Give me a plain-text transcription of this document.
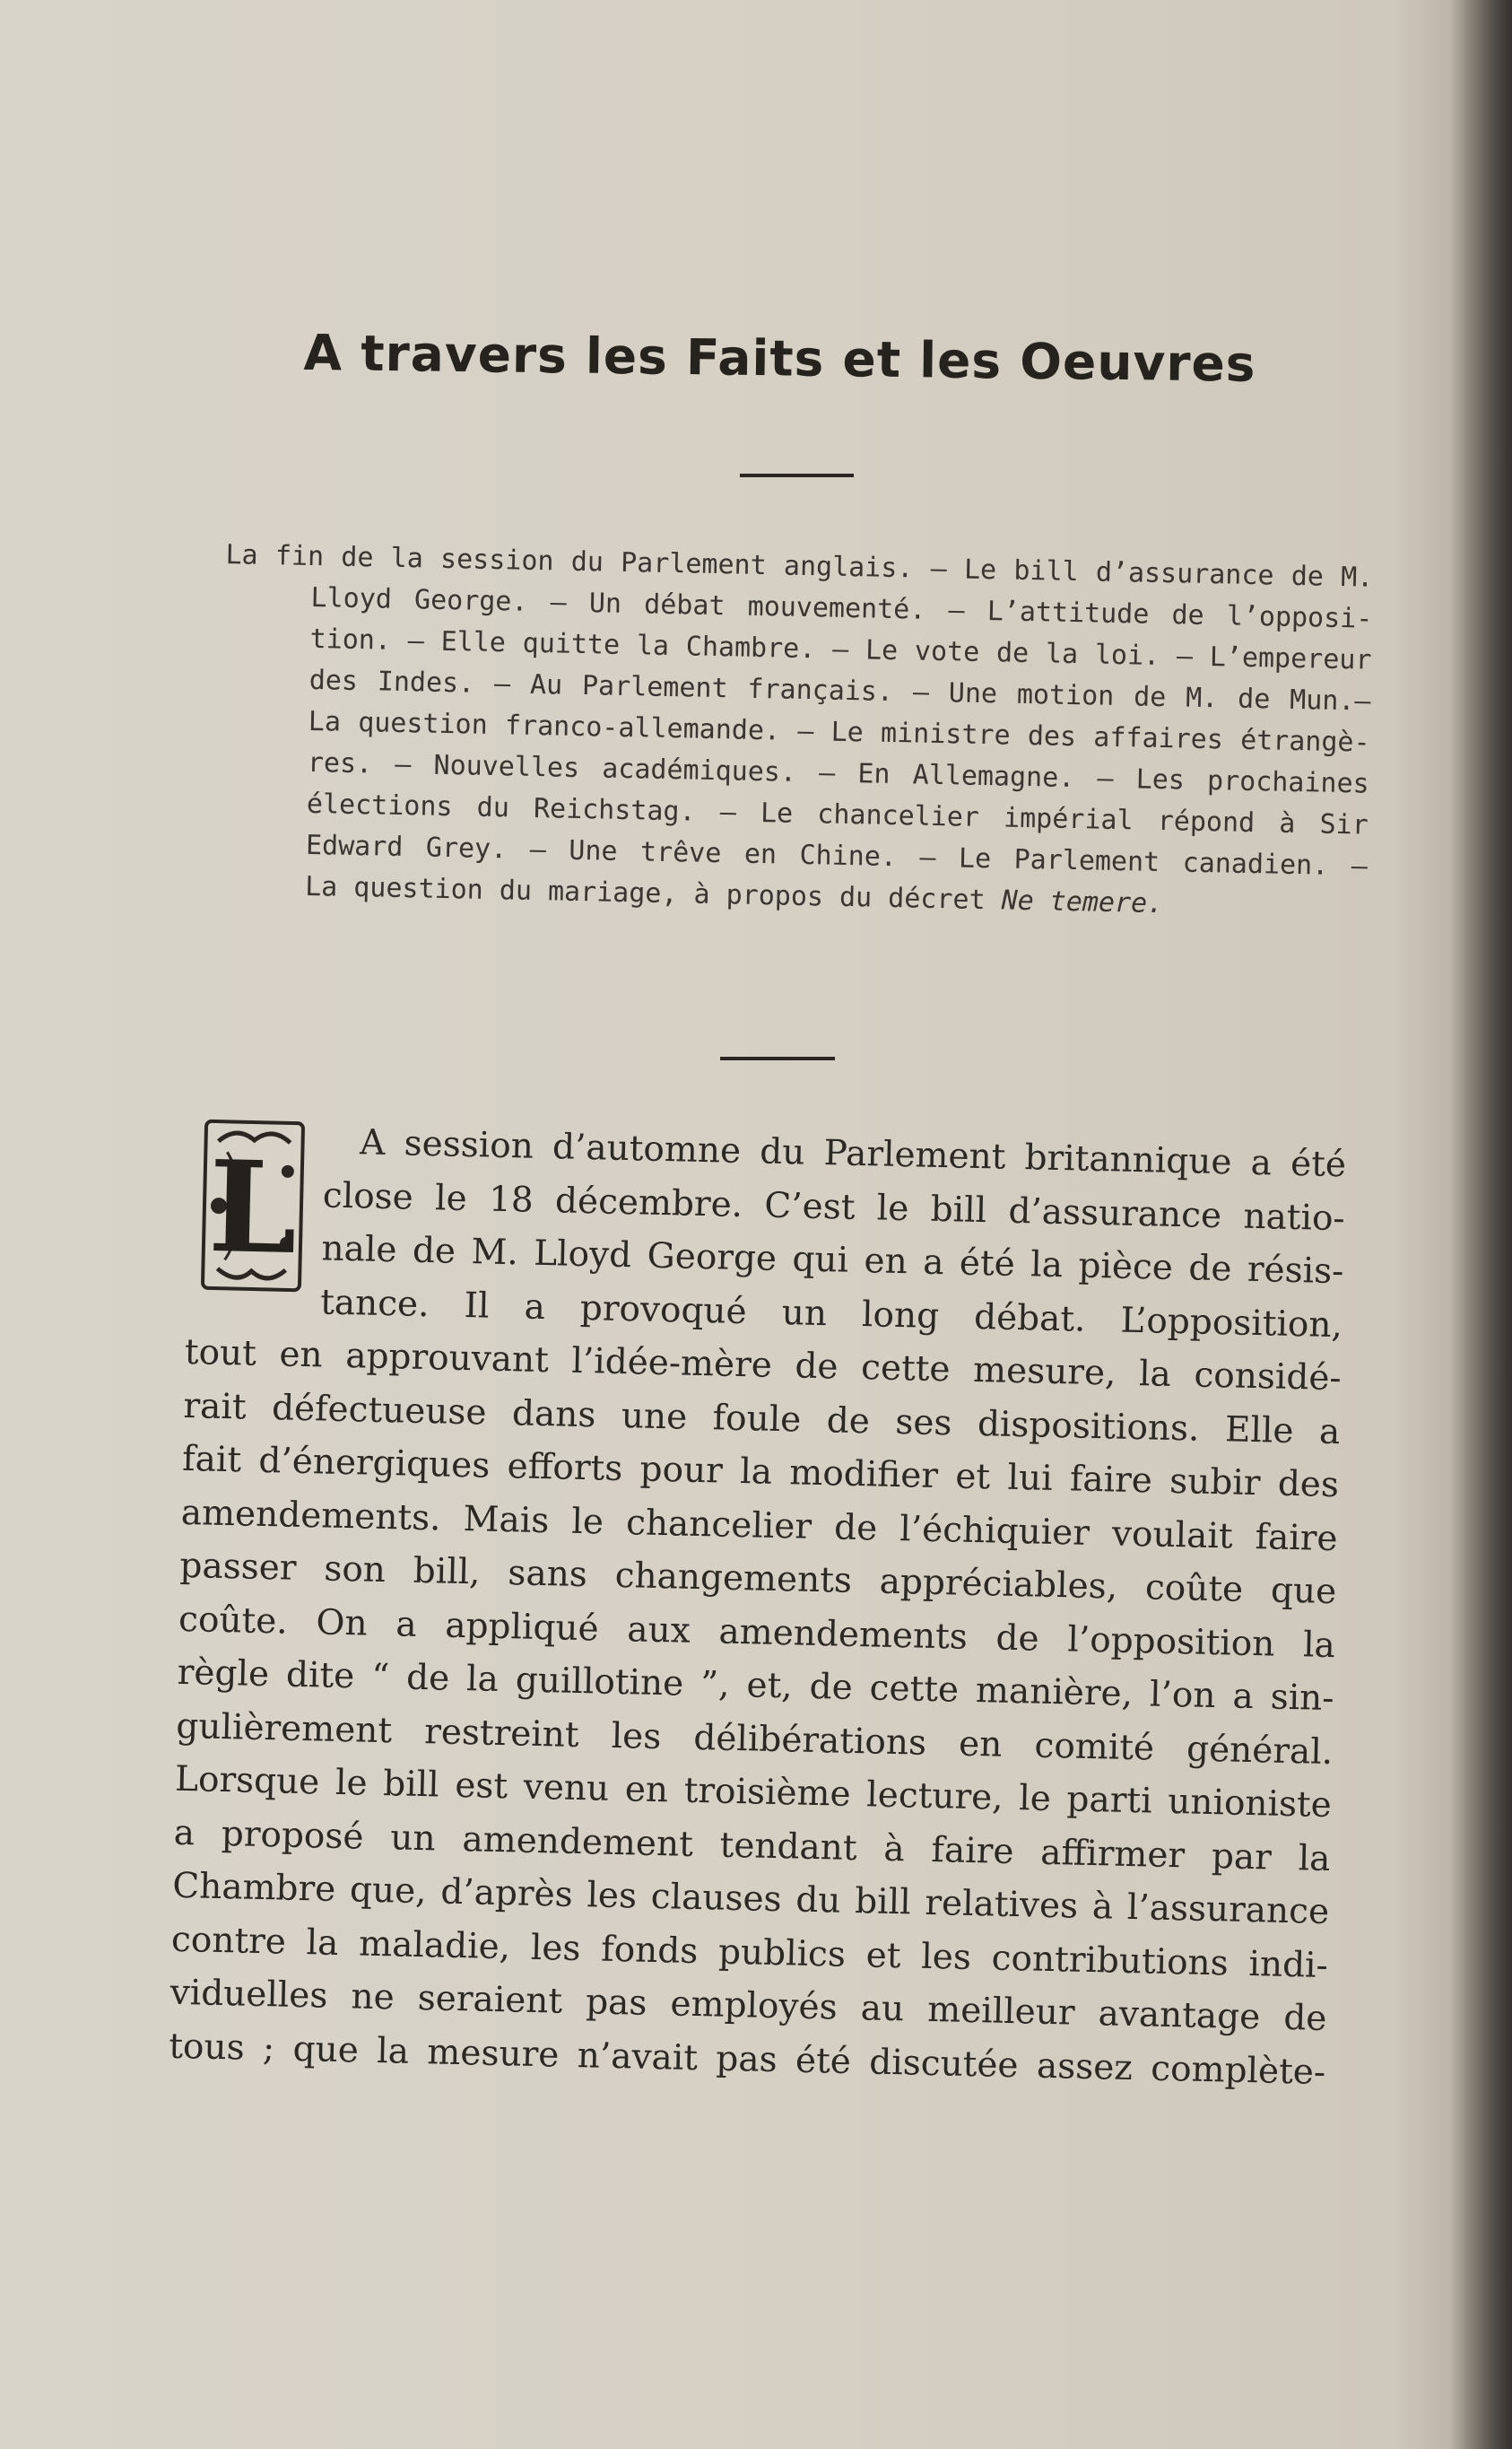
A travers les Faits et les Oeuvres
La fin de la session du Parlement anglais. — Le bill d’assurance de M.
Lloyd George. — Un débat mouvementé. — L’attitude de l’opposi-
tion. — Elle quitte la Chambre. — Le vote de la loi. — L’empereur
des Indes. — Au Parlement français. — Une motion de M. de Mun.—
La question franco-allemande. — Le ministre des affaires étrangè-
res. — Nouvelles académiques. — En Allemagne. — Les prochaines
élections du Reichstag. — Le chancelier impérial répond à Sir
Edward Grey. — Une trêve en Chine. — Le Parlement canadien. —
La question du mariage, à propos du décret Ne temere.
L	A session d’automne du Parlement britannique a été
close le 18 décembre. C’est le bill d’assurance natio-
nale de M. Lloyd George qui en a été la pièce de résis-
tance. Il a provoqué un long débat. L’opposition,
tout en approuvant l’idée-mère de cette mesure, la considé-
rait défectueuse dans une foule de ses dispositions. Elle a
fait d’énergiques efforts pour la modifier et lui faire subir des
amendements. Mais le chancelier de l’échiquier voulait faire
passer son bill, sans changements appréciables, coûte que
coûte. On a appliqué aux amendements de l’opposition la
règle dite “ de la guillotine ”, et, de cette manière, l’on a sin-
gulièrement restreint les délibérations en comité général.
Lorsque le bill est venu en troisième lecture, le parti unioniste
a proposé un amendement tendant à faire affirmer par la
Chambre que, d’après les clauses du bill relatives à l’assurance
contre la maladie, les fonds publics et les contributions indi-
viduelles ne seraient pas employés au meilleur avantage de
tous ; que la mesure n’avait pas été discutée assez complète-
